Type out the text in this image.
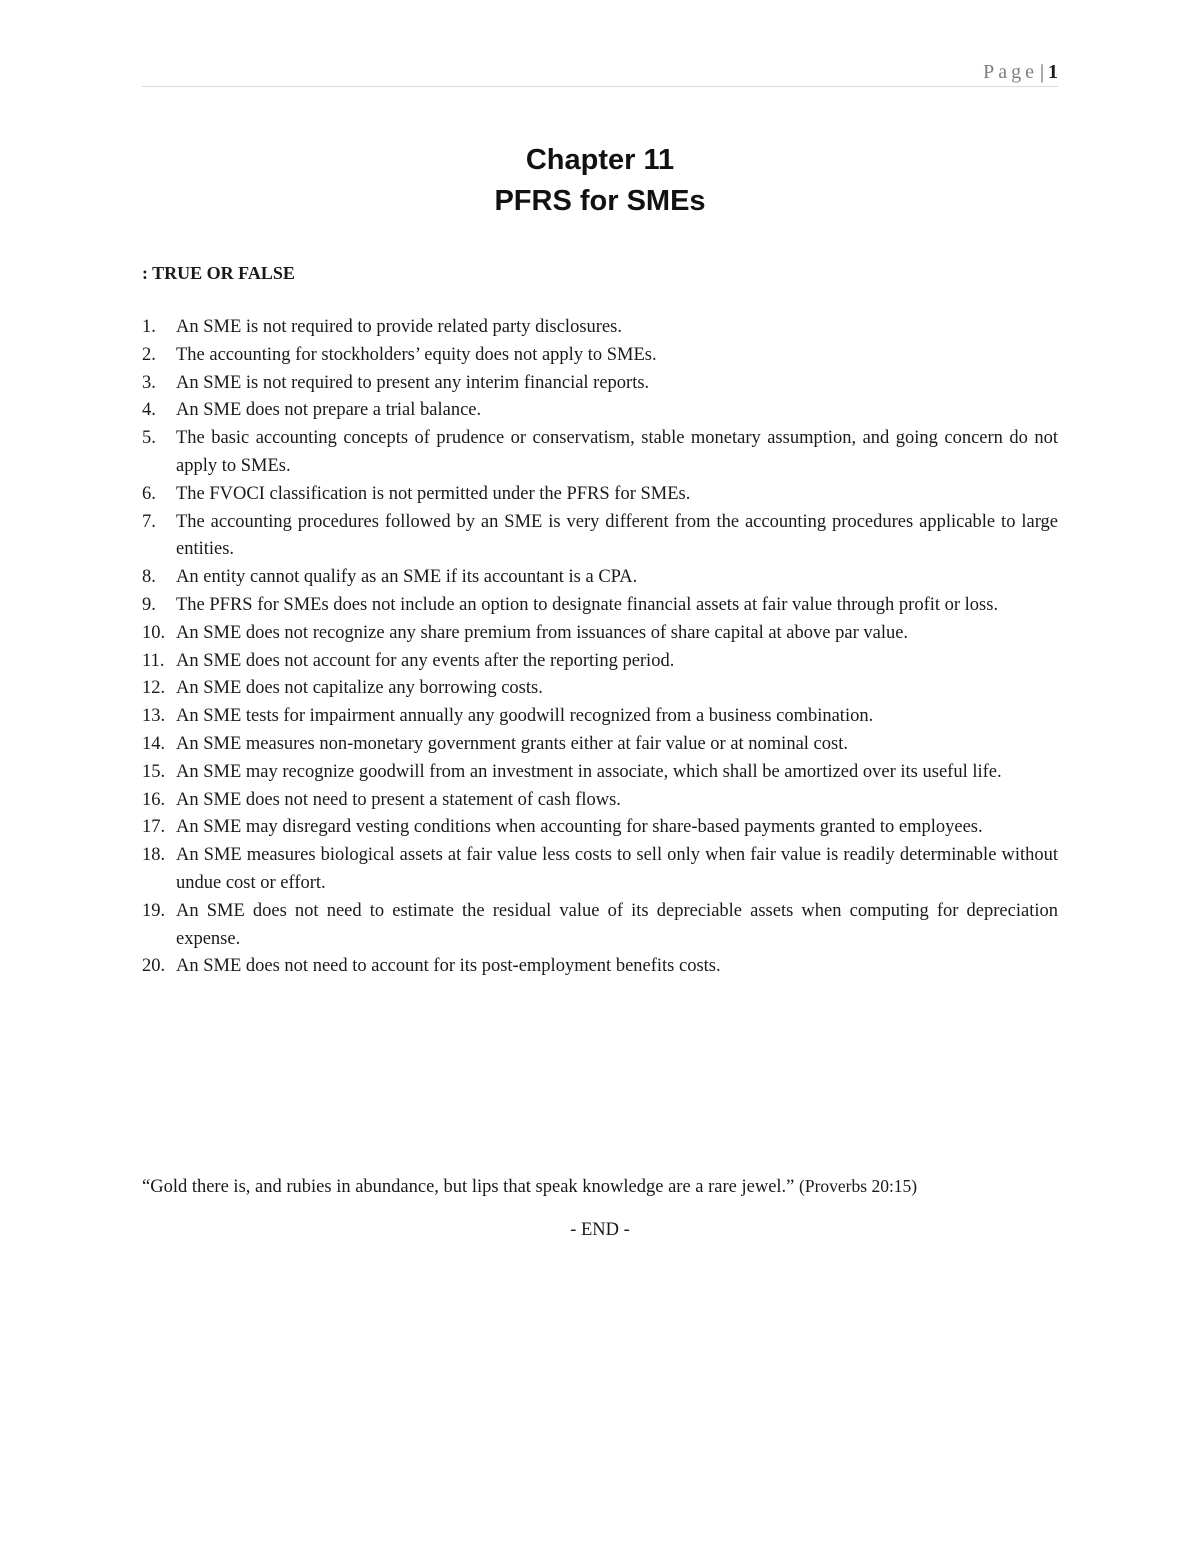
Page | 1
Chapter 11
PFRS for SMEs
: TRUE OR FALSE
1.	An SME is not required to provide related party disclosures.
2.	The accounting for stockholders’ equity does not apply to SMEs.
3.	An SME is not required to present any interim financial reports.
4.	An SME does not prepare a trial balance.
5.	The basic accounting concepts of prudence or conservatism, stable monetary assumption, and going concern do not apply to SMEs.
6.	The FVOCI classification is not permitted under the PFRS for SMEs.
7.	The accounting procedures followed by an SME is very different from the accounting procedures applicable to large entities.
8.	An entity cannot qualify as an SME if its accountant is a CPA.
9.	The PFRS for SMEs does not include an option to designate financial assets at fair value through profit or loss.
10. An SME does not recognize any share premium from issuances of share capital at above par value.
11. An SME does not account for any events after the reporting period.
12. An SME does not capitalize any borrowing costs.
13. An SME tests for impairment annually any goodwill recognized from a business combination.
14. An SME measures non-monetary government grants either at fair value or at nominal cost.
15. An SME may recognize goodwill from an investment in associate, which shall be amortized over its useful life.
16. An SME does not need to present a statement of cash flows.
17. An SME may disregard vesting conditions when accounting for share-based payments granted to employees.
18. An SME measures biological assets at fair value less costs to sell only when fair value is readily determinable without undue cost or effort.
19. An SME does not need to estimate the residual value of its depreciable assets when computing for depreciation expense.
20. An SME does not need to account for its post-employment benefits costs.
“Gold there is, and rubies in abundance, but lips that speak knowledge are a rare jewel.” (Proverbs 20:15)
- END -
